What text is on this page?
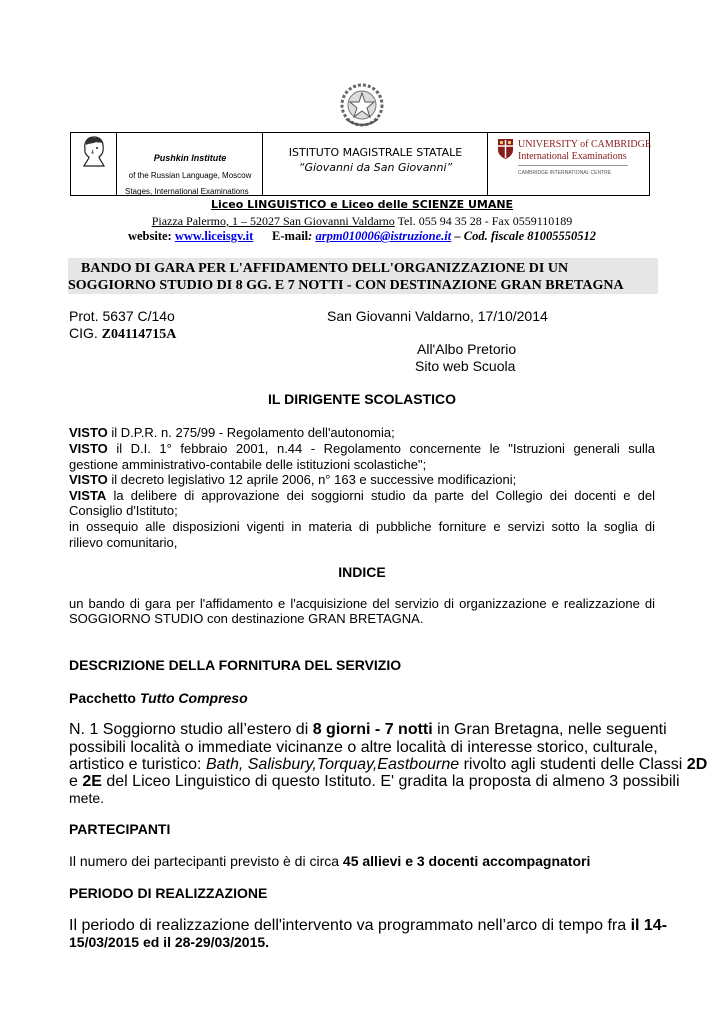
Pushkin Institute
of the Russian Language, Moscow
Stages, International Examinations
ISTITUTO MAGISTRALE STATALE
“Giovanni da San Giovanni”
UNIVERSITY of CAMBRIDGE
International Examinations
CAMBRIDGE INTERNATIONAL CENTRE
Liceo LINGUISTICO e Liceo delle SCIENZE UMANE
Piazza Palermo, 1 – 52027 San Giovanni Valdarno Tel. 055 94 35 28 - Fax 0559110189
website: www.liceisgv.it E-mail: arpm010006@istruzione.it – Cod. fiscale 81005550512
BANDO DI GARA PER L'AFFIDAMENTO DELL'ORGANIZZAZIONE DI UN
SOGGIORNO STUDIO DI 8 GG. E 7 NOTTI - CON DESTINAZIONE GRAN BRETAGNA
Prot. 5637 C/14o	San Giovanni Valdarno, 17/10/2014
CIG. Z04114715A
All'Albo Pretorio
Sito web Scuola
IL DIRIGENTE SCOLASTICO
VISTO il D.P.R. n. 275/99 - Regolamento dell'autonomia;
VISTO il D.I. 1° febbraio 2001, n.44 - Regolamento concernente le "Istruzioni generali sulla
gestione amministrativo-contabile delle istituzioni scolastiche";
VISTO il decreto legislativo 12 aprile 2006, n° 163 e successive modificazioni;
VISTA la delibere di approvazione dei soggiorni studio da parte del Collegio dei docenti e del
Consiglio d'Istituto;
in ossequio alle disposizioni vigenti in materia di pubbliche forniture e servizi sotto la soglia di
rilievo comunitario,
INDICE
un bando di gara per l'affidamento e l'acquisizione del servizio di organizzazione e realizzazione di
SOGGIORNO STUDIO con destinazione GRAN BRETAGNA.
DESCRIZIONE DELLA FORNITURA DEL SERVIZIO
Pacchetto Tutto Compreso
N. 1 Soggiorno studio all’estero di 8 giorni - 7 notti in Gran Bretagna, nelle seguenti
possibili località o immediate vicinanze o altre località di interesse storico, culturale,
artistico e turistico: Bath, Salisbury,Torquay,Eastbourne rivolto agli studenti delle Classi 2D
e 2E del Liceo Linguistico di questo Istituto. E' gradita la proposta di almeno 3 possibili
mete.
PARTECIPANTI
Il numero dei partecipanti previsto è di circa 45 allievi e 3 docenti accompagnatori
PERIODO DI REALIZZAZIONE
Il periodo di realizzazione dell'intervento va programmato nell’arco di tempo fra il 14-
15/03/2015 ed il 28-29/03/2015.
